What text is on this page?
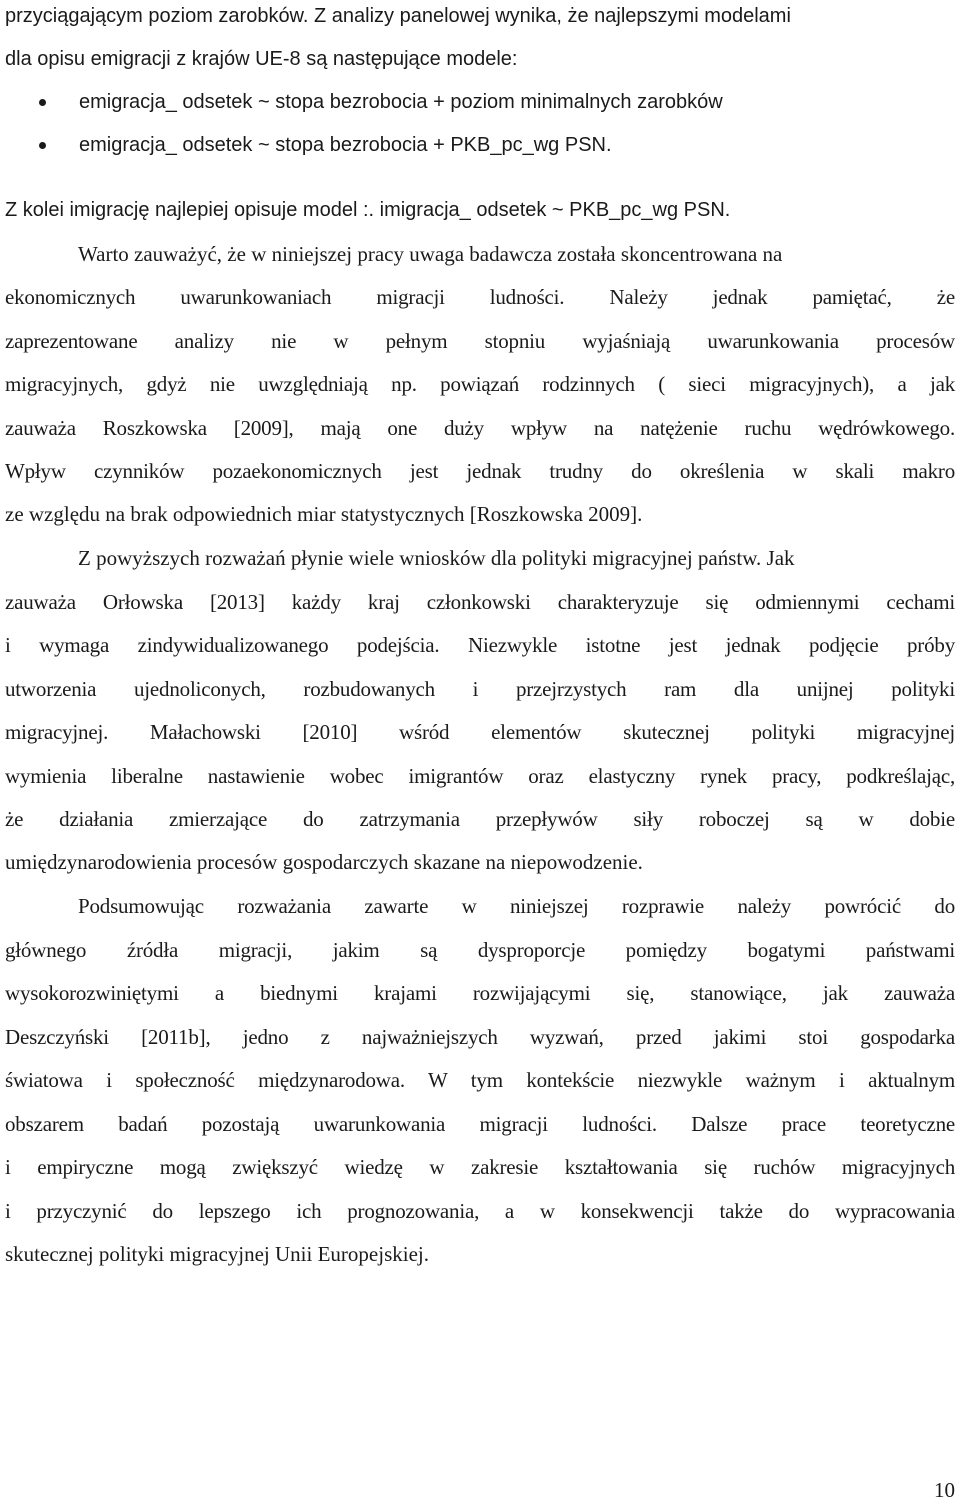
przyciągającym poziom zarobków. Z analizy panelowej wynika, że najlepszymi modelami
dla opisu emigracji z krajów UE-8 są następujące modele:
emigracja_ odsetek ~ stopa bezrobocia + poziom minimalnych zarobków
emigracja_ odsetek ~ stopa bezrobocia + PKB_pc_wg PSN.
Z kolei imigrację najlepiej opisuje model :. imigracja_ odsetek ~ PKB_pc_wg PSN.
Warto zauważyć, że w niniejszej pracy uwaga badawcza została skoncentrowana na
ekonomicznych uwarunkowaniach migracji ludności. Należy jednak pamiętać, że
zaprezentowane analizy nie w pełnym stopniu wyjaśniają uwarunkowania procesów
migracyjnych, gdyż nie uwzględniają np. powiązań rodzinnych ( sieci migracyjnych), a jak
zauważa Roszkowska [2009], mają one duży wpływ na natężenie ruchu wędrówkowego.
Wpływ czynników pozaekonomicznych jest jednak trudny do określenia w skali makro
ze względu na brak odpowiednich miar statystycznych [Roszkowska 2009].
Z powyższych rozważań płynie wiele wniosków dla polityki migracyjnej państw. Jak
zauważa Orłowska [2013] każdy kraj członkowski charakteryzuje się odmiennymi cechami
i wymaga zindywidualizowanego podejścia. Niezwykle istotne jest jednak podjęcie próby
utworzenia ujednoliconych, rozbudowanych i przejrzystych ram dla unijnej polityki
migracyjnej. Małachowski [2010] wśród elementów skutecznej polityki migracyjnej
wymienia liberalne nastawienie wobec imigrantów oraz elastyczny rynek pracy, podkreślając,
że działania zmierzające do zatrzymania przepływów siły roboczej są w dobie
umiędzynarodowienia procesów gospodarczych skazane na niepowodzenie.
Podsumowując rozważania zawarte w niniejszej rozprawie należy powrócić do
głównego źródła migracji, jakim są dysproporcje pomiędzy bogatymi państwami
wysokorozwiniętymi a biednymi krajami rozwijającymi się, stanowiące, jak zauważa
Deszczyński [2011b], jedno z najważniejszych wyzwań, przed jakimi stoi gospodarka
światowa i społeczność międzynarodowa. W tym kontekście niezwykle ważnym i aktualnym
obszarem badań pozostają uwarunkowania migracji ludności. Dalsze prace teoretyczne
i empiryczne mogą zwiększyć wiedzę w zakresie kształtowania się ruchów migracyjnych
i przyczynić do lepszego ich prognozowania, a w konsekwencji także do wypracowania
skutecznej polityki migracyjnej Unii Europejskiej.
10
